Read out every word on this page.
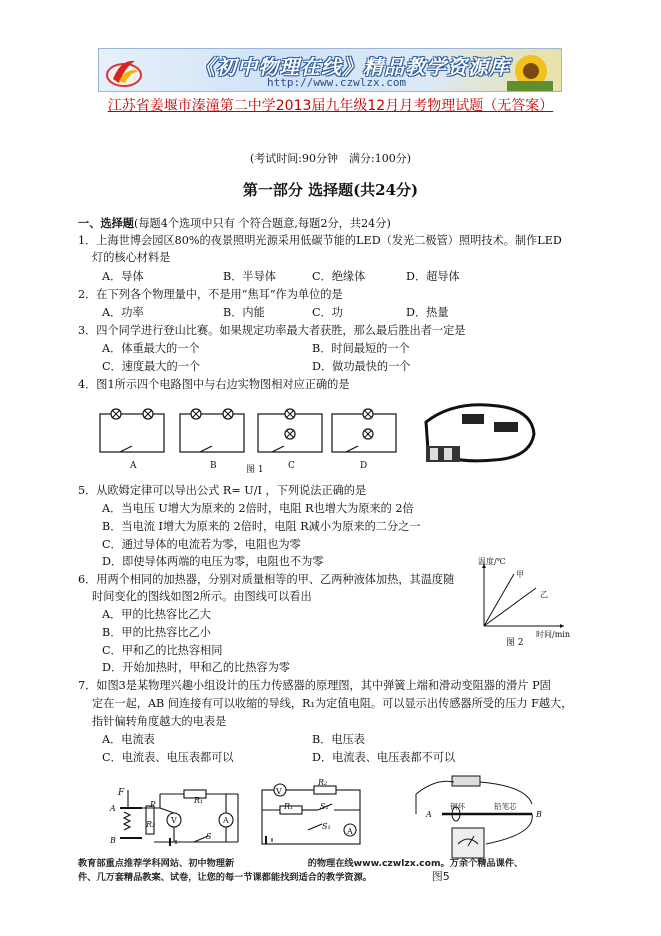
《初中物理在线》精品教学资源库
http://www.czwlzx.com
江苏省姜堰市溱潼第二中学2013届九年级12月月考物理试题（无答案）
(考试时间:90分钟　满分:100分)
第一部分 选择题(共24分)
一、选择题(每题4个选项中只有 个符合题意,每题2分，共24分)
1．上海世博会园区80%的夜景照明光源采用低碳节能的LED（发光二极管）照明技术。制作LED
灯的核心材料是
A．导体	B．半导体	C．绝缘体	D．超导体
2．在下列各个物理量中，不是用“焦耳”作为单位的是
A．功率	B．内能	C．功	D．热量
3．四个同学进行登山比赛。如果规定功率最大者获胜，那么最后胜出者一定是
A．体重最大的一个	B．时间最短的一个
C．速度最大的一个	D．做功最快的一个
4．图1所示四个电路图中与右边实物图相对应正确的是
A	B	C	D
图 1
5．从欧姆定律可以导出公式 R= U/I ，下列说法正确的是
A．当电压 U增大为原来的 2倍时，电阻 R也增大为原来的 2倍
B．当电流 I增大为原来的 2倍时，电阻 R减小为原来的二分之一
C．通过导体的电流若为零，电阻也为零
D．即使导体两端的电压为零，电阻也不为零
6．用两个相同的加热器，分别对质量相等的甲、乙两种液体加热，其温度随
时间变化的图线如图2所示。由图线可以看出
A．甲的比热容比乙大
B．甲的比热容比乙小
C．甲和乙的比热容相同
D．开始加热时，甲和乙的比热容为零
温度/℃
甲
乙
时间/min
图 2
7．如图3是某物理兴趣小组设计的压力传感器的原理图，其中弹簧上端和滑动变阻器的滑片 P固
定在一起，AB 间连接有可以收缩的导线，R₁为定值电阻。可以显示出传感器所受的压力 F越大，
指针偏转角度越大的电表是
A．电流表	B．电压表
C．电流表、电压表都可以	D．电流表、电压表都不可以
F
A
B
P
R₂
R₁
V	A
S
V
R₂
R₁	S₂
S₁
A
A
铜环	铅笔芯
B
教育部重点推荐学科网站、初中物理新　　　　　　　　	的物理在线www.czwlzx.com。万余个精品课件、
件、几万套精品教案、试卷，让您的每一节课都能找到适合的教学资源。　　　　　　　	图5
